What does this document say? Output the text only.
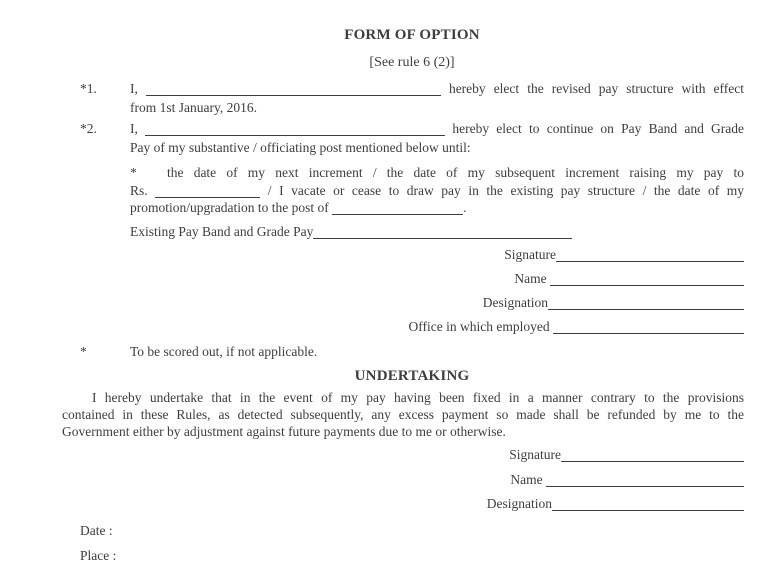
FORM OF OPTION
[See rule 6 (2)]
*1.	I,	hereby elect the revised pay structure with effect
from 1st January, 2016.
*2.	I,	hereby elect to continue on Pay Band and Grade
Pay of my substantive / officiating post mentioned below until:
* the date of my next increment / the date of my subsequent increment raising my pay to
Rs.	/ I vacate or cease to draw pay in the existing pay structure / the date of my
promotion/upgradation to the post of	.
Existing Pay Band and Grade Pay
Signature
Name
Designation
Office in which employed
*	To be scored out, if not applicable.
UNDERTAKING
I hereby undertake that in the event of my pay having been fixed in a manner contrary to the provisions
contained in these Rules, as detected subsequently, any excess payment so made shall be refunded by me to the
Government either by adjustment against future payments due to me or otherwise.
Signature
Name
Designation
Date :
Place :
